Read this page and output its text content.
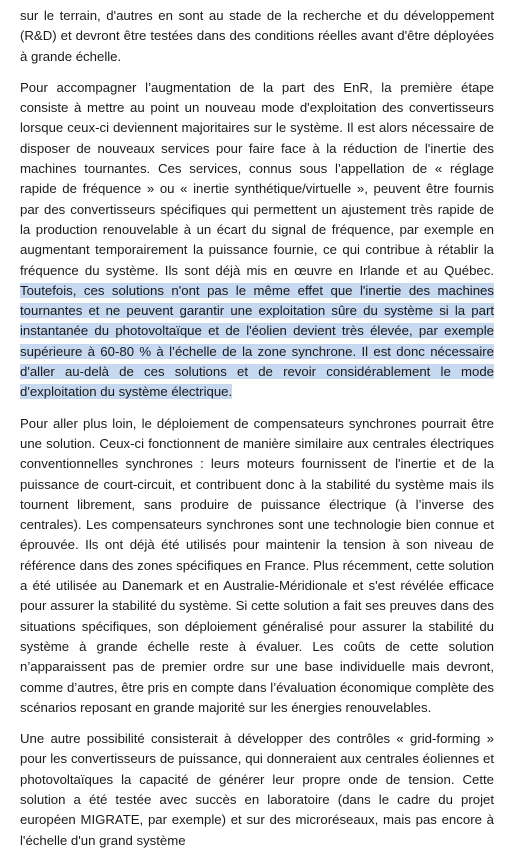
sur le terrain, d'autres en sont au stade de la recherche et du développement (R&D) et devront être testées dans des conditions réelles avant d'être déployées à grande échelle.

Pour accompagner l’augmentation de la part des EnR, la première étape consiste à mettre au point un nouveau mode d'exploitation des convertisseurs lorsque ceux-ci deviennent majoritaires sur le système. Il est alors nécessaire de disposer de nouveaux services pour faire face à la réduction de l'inertie des machines tournantes. Ces services, connus sous l’appellation de « réglage rapide de fréquence » ou « inertie synthétique/virtuelle », peuvent être fournis par des convertisseurs spécifiques qui permettent un ajustement très rapide de la production renouvelable à un écart du signal de fréquence, par exemple en augmentant temporairement la puissance fournie, ce qui contribue à rétablir la fréquence du système. Ils sont déjà mis en œuvre en Irlande et au Québec. Toutefois, ces solutions n'ont pas le même effet que l'inertie des machines tournantes et ne peuvent garantir une exploitation sûre du système si la part instantanée du photovoltaïque et de l'éolien devient très élevée, par exemple supérieure à 60-80 % à l’échelle de la zone synchrone. Il est donc nécessaire d'aller au-delà de ces solutions et de revoir considérablement le mode d'exploitation du système électrique.

Pour aller plus loin, le déploiement de compensateurs synchrones pourrait être une solution. Ceux-ci fonctionnent de manière similaire aux centrales électriques conventionnelles synchrones : leurs moteurs fournissent de l'inertie et de la puissance de court-circuit, et contribuent donc à la stabilité du système mais ils tournent librement, sans produire de puissance électrique (à l’inverse des centrales). Les compensateurs synchrones sont une technologie bien connue et éprouvée. Ils ont déjà été utilisés pour maintenir la tension à son niveau de référence dans des zones spécifiques en France. Plus récemment, cette solution a été utilisée au Danemark et en Australie-Méridionale et s'est révélée efficace pour assurer la stabilité du système. Si cette solution a fait ses preuves dans des situations spécifiques, son déploiement généralisé pour assurer la stabilité du système à grande échelle reste à évaluer. Les coûts de cette solution n’apparaissent pas de premier ordre sur une base individuelle mais devront, comme d’autres, être pris en compte dans l’évaluation économique complète des scénarios reposant en grande majorité sur les énergies renouvelables.

Une autre possibilité consisterait à développer des contrôles « grid-forming » pour les convertisseurs de puissance, qui donneraient aux centrales éoliennes et photovoltaïques la capacité de générer leur propre onde de tension. Cette solution a été testée avec succès en laboratoire (dans le cadre du projet européen MIGRATE, par exemple) et sur des microréseaux, mais pas encore à l'échelle d'un grand système
